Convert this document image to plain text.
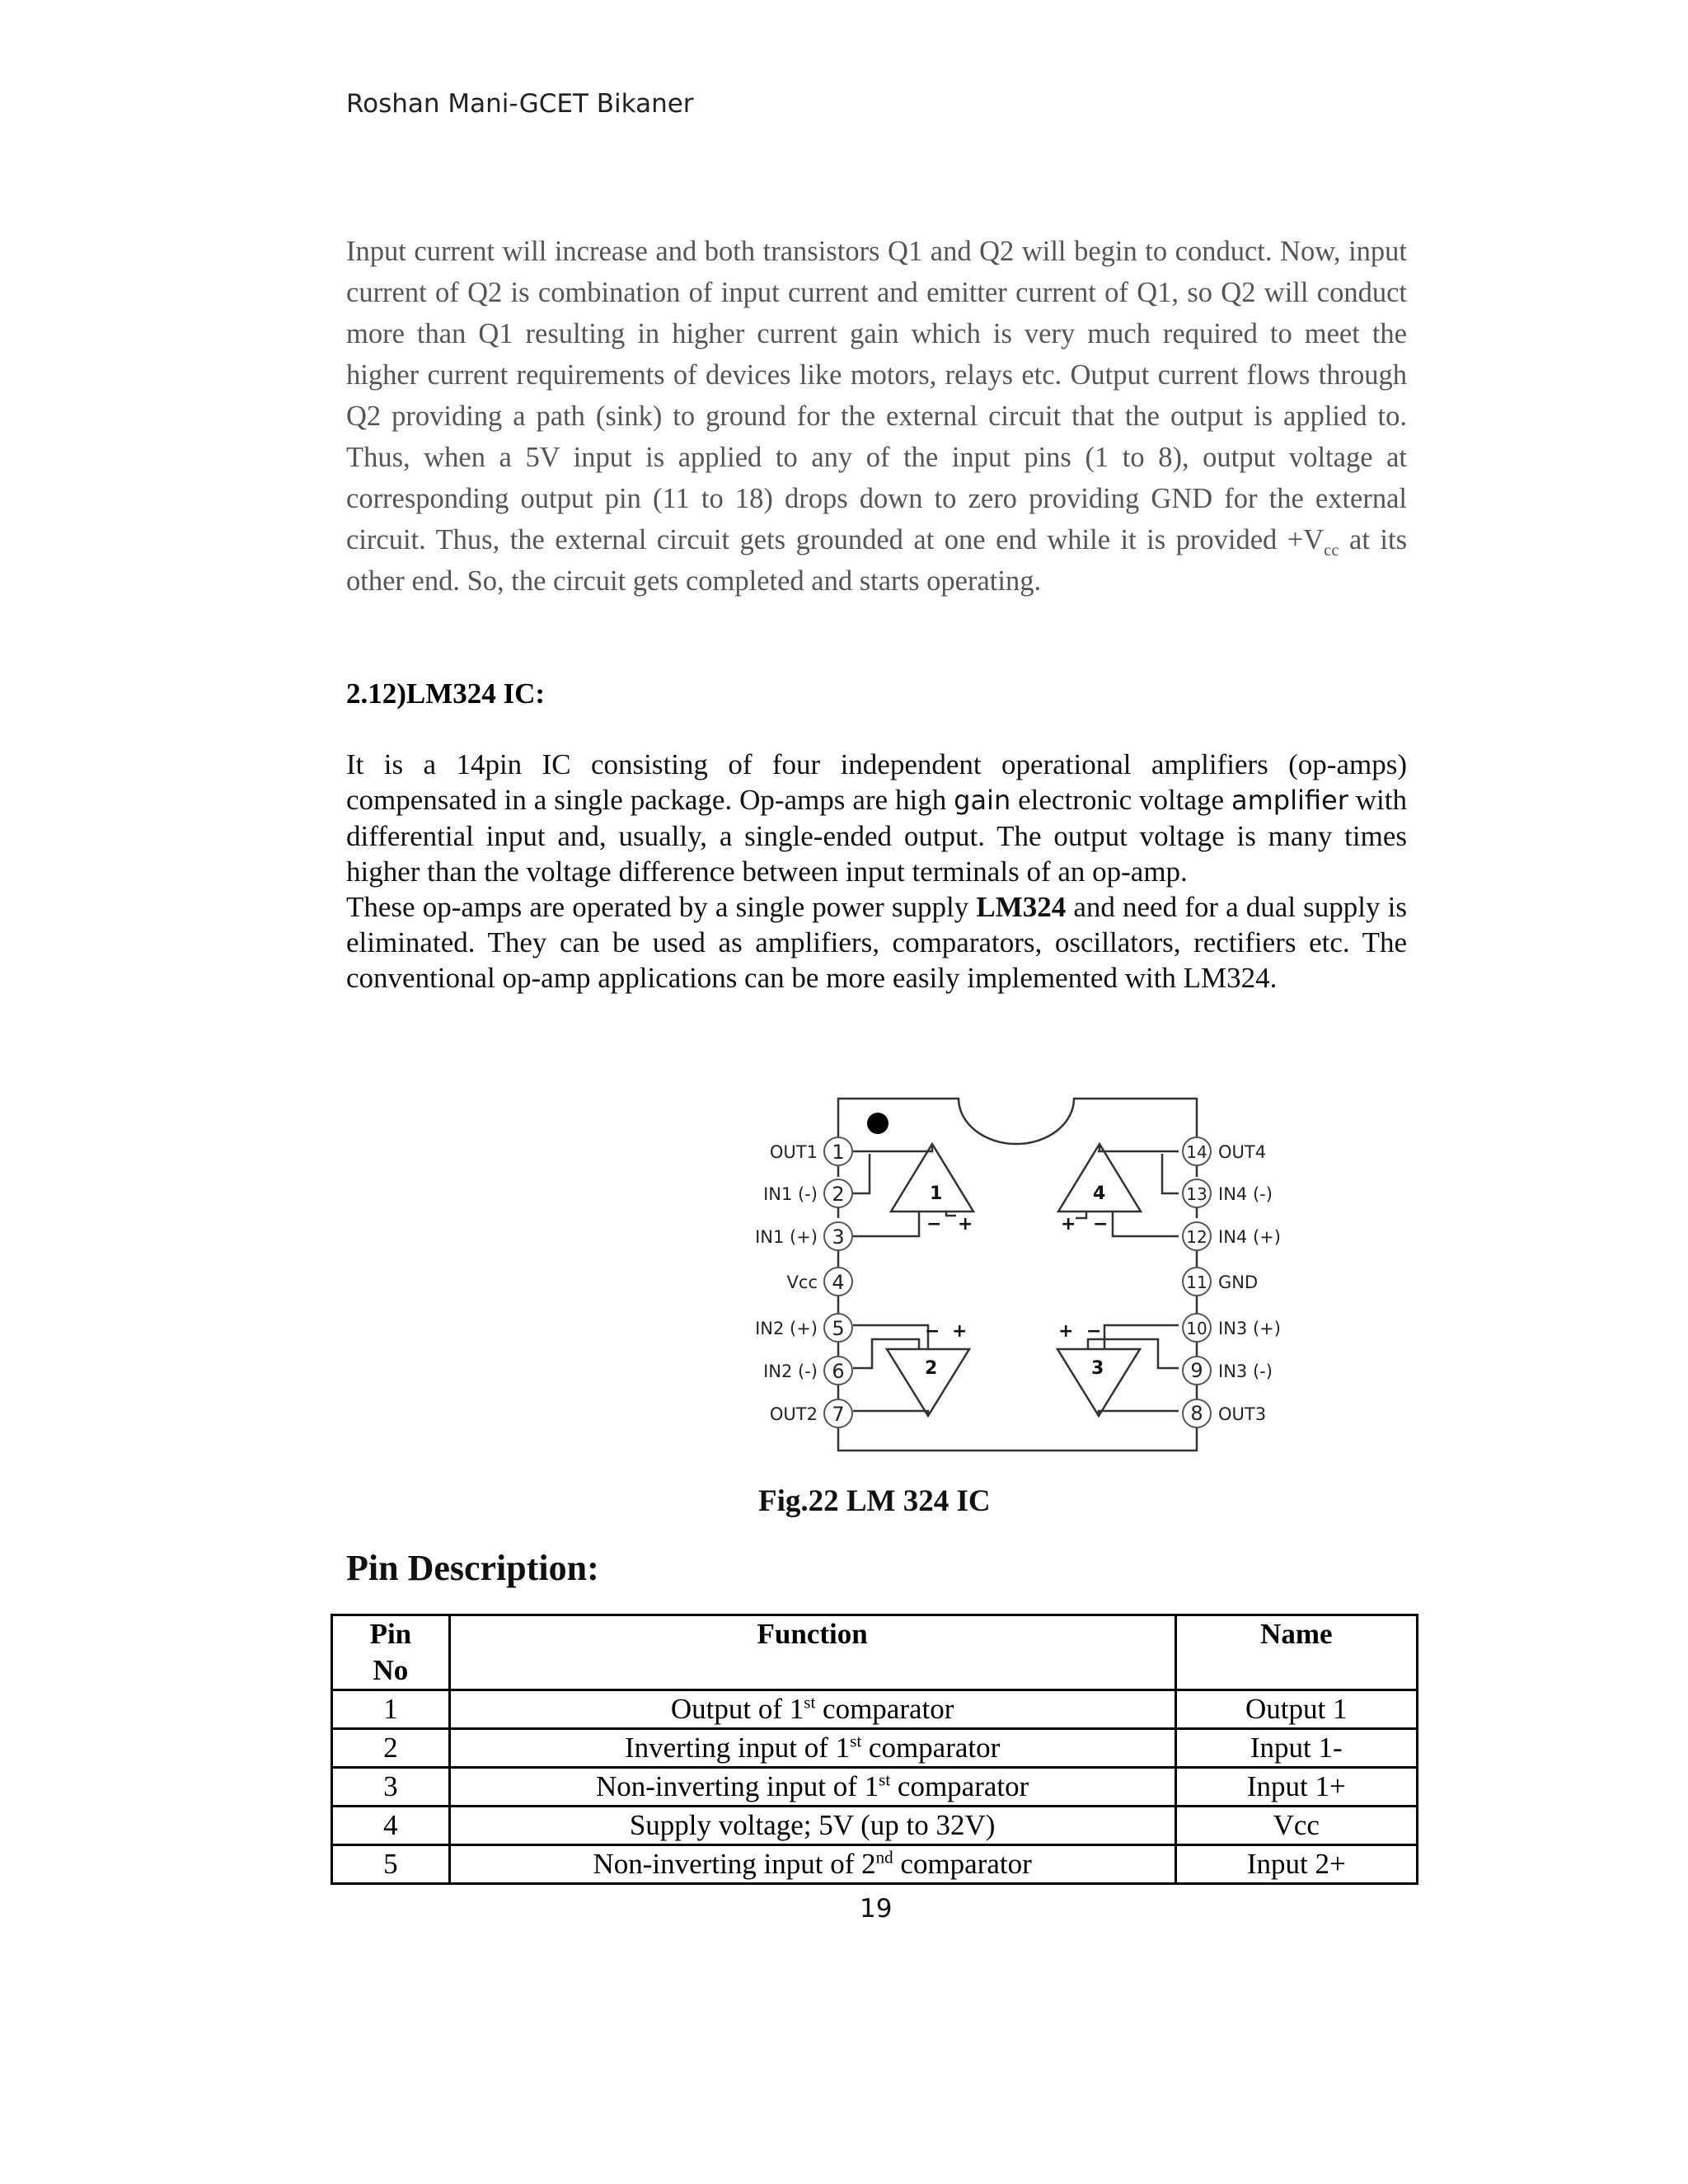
Roshan Mani-GCET Bikaner
Input current will increase and both transistors Q1 and Q2 will begin to conduct. Now, input current of Q2 is combination of input current and emitter current of Q1, so Q2 will conduct more than Q1 resulting in higher current gain which is very much required to meet the higher current requirements of devices like motors, relays etc. Output current flows through Q2 providing a path (sink) to ground for the external circuit that the output is applied to. Thus, when a 5V input is applied to any of the input pins (1 to 8), output voltage at corresponding output pin (11 to 18) drops down to zero providing GND for the external circuit. Thus, the external circuit gets grounded at one end while it is provided $+V_{cc}$ at its other end. So, the circuit gets completed and starts operating.
2.12)LM324 IC:

It is a 14pin IC consisting of four independent operational amplifiers (op-amps) compensated in a single package. Op-amps are high gain electronic voltage amplifier with differential input and, usually, a single-ended output. The output voltage is many times higher than the voltage difference between input terminals of an op-amp.

These op-amps are operated by a single power supply LM324 and need for a dual supply is eliminated. They can be used as amplifiers, comparators, oscillators, rectifiers etc. The conventional op-amp applications can be more easily implemented with LM324.

1
OUT1
2
IN1 (-)
3
IN1 (+)
4
Vcc
5
IN2 (+)
6
IN2 (-)
7
OUT2
14 OUT4
13 IN4 (-)
12 IN4 (+)
11 GND
10 IN3 (+)
9 IN3 (-)
8 OUT3
1
2	3
4
+
−	+ −
+
−	+ −
Fig.22 LM 324 IC
Pin Description:
Pin
No	Function	Name
1	Output of 1st comparator	Output 1
2	Inverting input of 1st comparator	Input 1-
3	Non-inverting input of 1st comparator	Input 1+
4	Supply voltage; 5V (up to 32V)	Vcc
5	Non-inverting input of 2nd comparator	Input 2+
19
